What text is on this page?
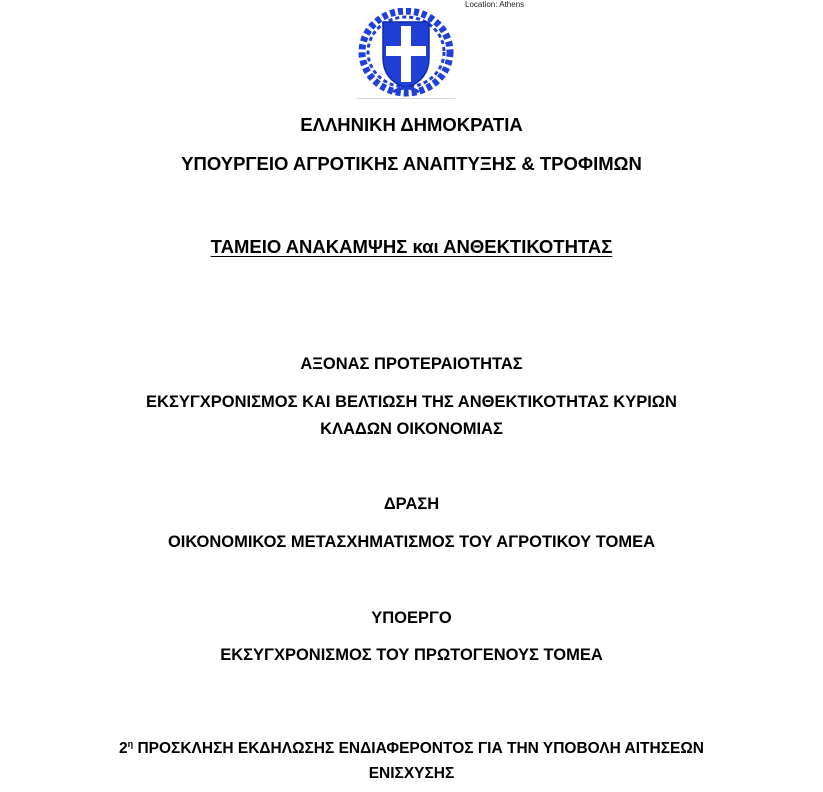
Location: Athens
ΕΛΛΗΝΙΚΗ ΔΗΜΟΚΡΑΤΙΑ
ΥΠΟΥΡΓΕΙΟ ΑΓΡΟΤΙΚΗΣ ΑΝΑΠΤΥΞΗΣ & ΤΡΟΦΙΜΩΝ
ΤΑΜΕΙΟ ΑΝΑΚΑΜΨΗΣ και ΑΝΘΕΚΤΙΚΟΤΗΤΑΣ
ΑΞΟΝΑΣ ΠΡΟΤΕΡΑΙΟΤΗΤΑΣ
ΕΚΣΥΓΧΡΟΝΙΣΜΟΣ ΚΑΙ ΒΕΛΤΙΩΣΗ ΤΗΣ ΑΝΘΕΚΤΙΚΟΤΗΤΑΣ ΚΥΡΙΩΝ
ΚΛΑΔΩΝ ΟΙΚΟΝΟΜΙΑΣ
ΔΡΑΣΗ
ΟΙΚΟΝΟΜΙΚΟΣ ΜΕΤΑΣΧΗΜΑΤΙΣΜΟΣ ΤΟΥ ΑΓΡΟΤΙΚΟΥ ΤΟΜΕΑ
ΥΠΟΕΡΓΟ
ΕΚΣΥΓΧΡΟΝΙΣΜΟΣ ΤΟΥ ΠΡΩΤΟΓΕΝΟΥΣ ΤΟΜΕΑ
$2^\eta$ ΠΡΟΣΚΛΗΣΗ ΕΚΔΗΛΩΣΗΣ ΕΝΔΙΑΦΕΡΟΝΤΟΣ ΓΙΑ ΤΗΝ ΥΠΟΒΟΛΗ ΑΙΤΗΣΕΩΝ
ΕΝΙΣΧΥΣΗΣ
